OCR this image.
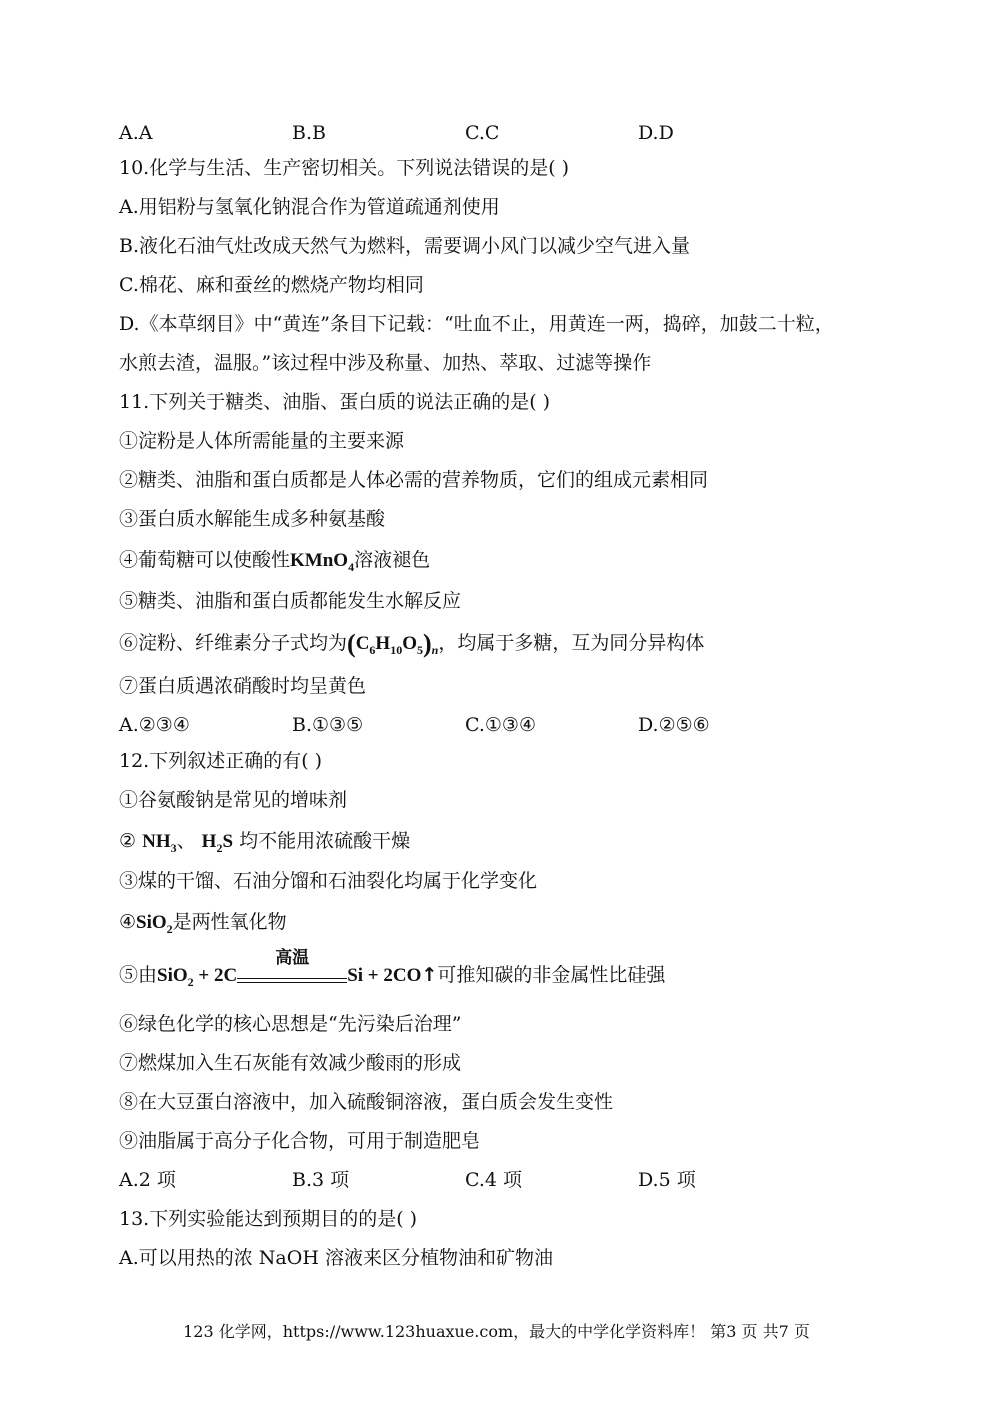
A.A	B.B	C.C	D.D
10.化学与生活、生产密切相关。下列说法错误的是( )
A.用铝粉与氢氧化钠混合作为管道疏通剂使用
B.液化石油气灶改成天然气为燃料，需要调小风门以减少空气进入量
C.棉花、麻和蚕丝的燃烧产物均相同
D.《本草纲目》中“黄连”条目下记载：“吐血不止，用黄连一两，捣碎，加鼓二十粒，
水煎去渣，温服。”该过程中涉及称量、加热、萃取、过滤等操作
11.下列关于糖类、油脂、蛋白质的说法正确的是( )
①淀粉是人体所需能量的主要来源
②糖类、油脂和蛋白质都是人体必需的营养物质，它们的组成元素相同
③蛋白质水解能生成多种氨基酸
④葡萄糖可以使酸性KMnO$_4$溶液褪色
⑤糖类、油脂和蛋白质都能发生水解反应
⑥淀粉、纤维素分子式均为$(C_6H_{10}O_5)_n$，均属于多糖，互为同分异构体
⑦蛋白质遇浓硝酸时均呈黄色
A.②③④	B.①③⑤	C.①③④	D.②⑤⑥
12.下列叙述正确的有( )
①谷氨酸钠是常见的增味剂
② $NH_3$、 $H_2S$ 均不能用浓硫酸干燥
③煤的干馏、石油分馏和石油裂化均属于化学变化
④SiO$_2$是两性氧化物
⑤由SiO$_2$ + 2C
高温
Si + 2CO↑可推知碳的非金属性比硅强
⑥绿色化学的核心思想是“先污染后治理”
⑦燃煤加入生石灰能有效减少酸雨的形成
⑧在大豆蛋白溶液中，加入硫酸铜溶液，蛋白质会发生变性
⑨油脂属于高分子化合物，可用于制造肥皂
A.2 项	B.3 项	C.4 项	D.5 项
13.下列实验能达到预期目的的是( )
A.可以用热的浓 NaOH 溶液来区分植物油和矿物油
123 化学网，https://www.123huaxue.com，最大的中学化学资料库！ 第3 页 共7 页
